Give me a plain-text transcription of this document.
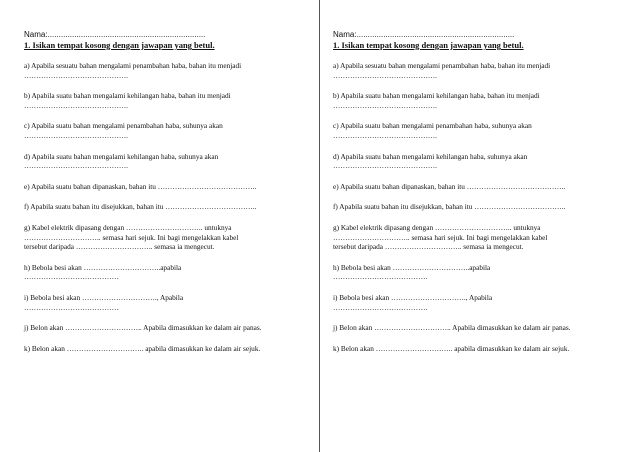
Nama:.......................................................................
1. Isikan tempat kosong dengan jawapan yang betul.
a) Apabila sesuatu bahan mengalami penambahan haba, bahan itu menjadi
…………………………………….
b) Apabila suatu bahan mengalami kehilangan haba, bahan itu menjadi
…………………………………….
c) Apabila suatu bahan mengalami penambahan haba, suhunya akan
…………………………………….
d) Apabila suatu bahan mengalami kehilangan haba, suhunya akan
…………………………………….
e) Apabila suatu bahan dipanaskan, bahan itu …………………………………..
f) Apabila suatu bahan itu disejukkan, bahan itu ………………………………..
g) Kabel elektrik dipasang dengan ………………………….. untuknya
………………………….. semasa hari sejuk. Ini bagi mengelakkan kabel
tersebut daripada ………………………….. semasa ia mengecut.
h) Bebola besi akan …………………………..apabila
…………………………………
i) Bebola besi akan …………………………., Apabila
…………………………………
j) Belon akan ………………………….. Apabila dimasukkan ke dalam air panas.
k) Belon akan ………………………….. apabila dimasukkan ke dalam air sejuk.
Nama:.......................................................................
1. Isikan tempat kosong dengan jawapan yang betul.
a) Apabila sesuatu bahan mengalami penambahan haba, bahan itu menjadi
…………………………………….
b) Apabila suatu bahan mengalami kehilangan haba, bahan itu menjadi
…………………………………….
c) Apabila suatu bahan mengalami penambahan haba, suhunya akan
…………………………………….
d) Apabila suatu bahan mengalami kehilangan haba, suhunya akan
…………………………………….
e) Apabila suatu bahan dipanaskan, bahan itu …………………………………..
f) Apabila suatu bahan itu disejukkan, bahan itu ………………………………..
g) Kabel elektrik dipasang dengan ………………………….. untuknya
………………………….. semasa hari sejuk. Ini bagi mengelakkan kabel
tersebut daripada ………………………….. semasa ia mengecut.
h) Bebola besi akan …………………………..apabila
…………………………………
i) Bebola besi akan …………………………., Apabila
…………………………………
j) Belon akan ………………………….. Apabila dimasukkan ke dalam air panas.
k) Belon akan ………………………….. apabila dimasukkan ke dalam air sejuk.
